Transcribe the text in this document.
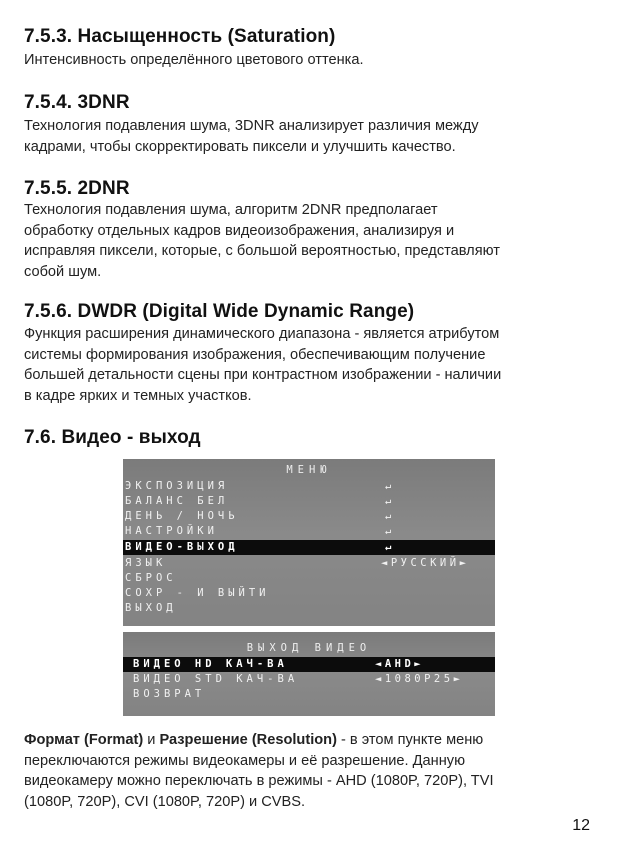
7.5.3. Насыщенность (Saturation)
Интенсивность определённого цветового оттенка.
7.5.4. 3DNR
Технология подавления шума, 3DNR анализирует различия между
кадрами, чтобы скорректировать пиксели и улучшить качество.
7.5.5. 2DNR
Технология подавления шума, алгоритм 2DNR предполагает
обработку отдельных кадров видеоизображения, анализируя и
исправляя пиксели, которые, с большой вероятностью, представляют
собой шум.
7.5.6. DWDR (Digital Wide Dynamic Range)
Функция расширения динамического диапазона - является атрибутом
системы формирования изображения, обеспечивающим получение
большей детальности сцены при контрастном изображении - наличии
в кадре ярких и темных участков.
7.6. Видео - выход
МЕНЮ
ЭКСПОЗИЦИЯ	↵
БАЛАНС БЕЛ	↵
ДЕНЬ / НОЧЬ	↵
НАСТРОЙКИ	↵
ВИДЕО-ВЫХОД	↵
ЯЗЫК	◄РУССКИЙ►
СБРОС
СОХР - И ВЫЙТИ
ВЫХОД
ВЫХОД ВИДЕО
ВИДЕО HD КАЧ-ВА	◄AHD►
ВИДЕО STD КАЧ-ВА	◄1080P25►
ВОЗВРАТ
Формат (Format) и Разрешение (Resolution) - в этом пункте меню
переключаются режимы видеокамеры и её разрешение. Данную
видеокамеру можно переключать в режимы - AHD (1080P, 720P), TVI
(1080P, 720P), CVI (1080P, 720P) и CVBS.
12
